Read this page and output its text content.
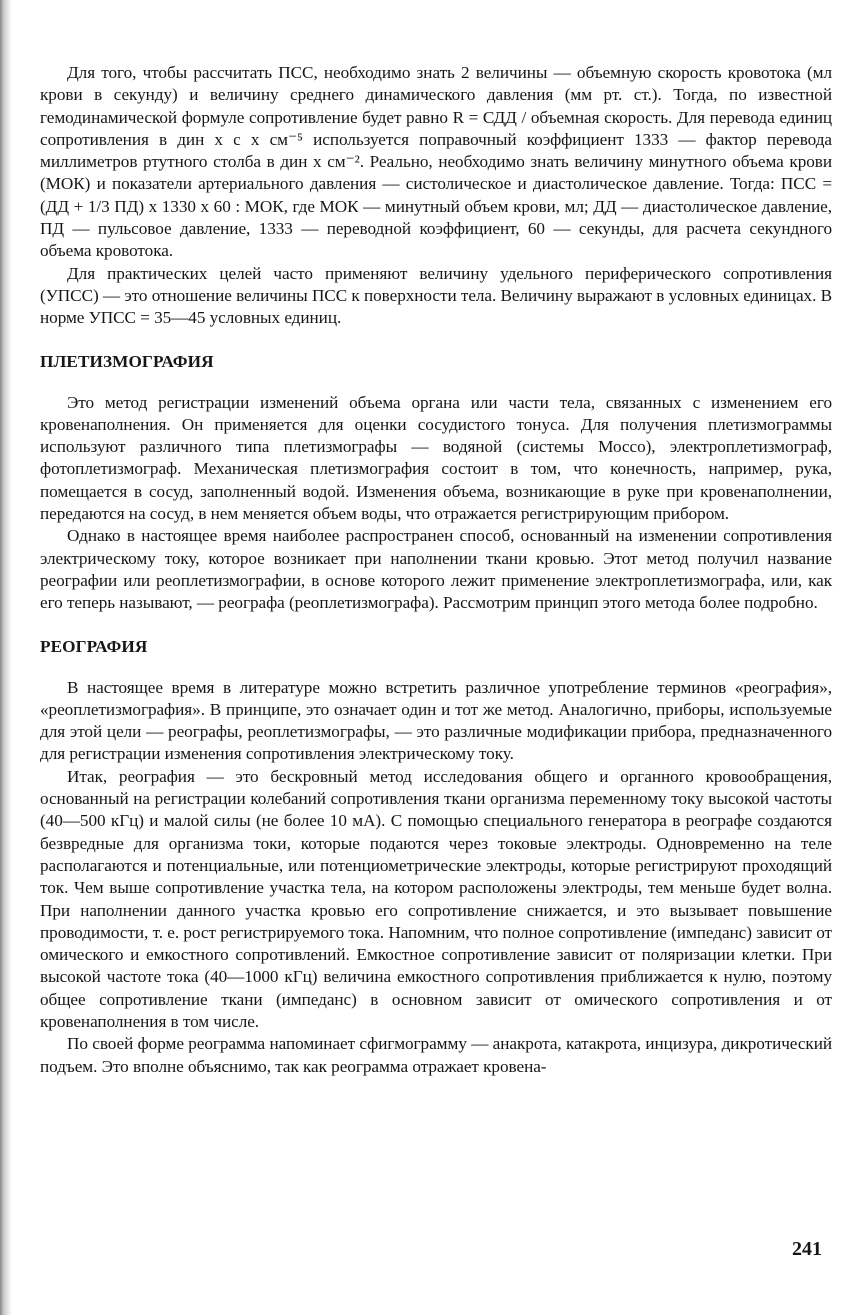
Для того, чтобы рассчитать ПСС, необходимо знать 2 величины — объемную скорость кровотока (мл крови в секунду) и величину среднего динамического давления (мм рт. ст.). Тогда, по известной гемодинамической формуле сопротивление будет равно R = СДД / объемная скорость. Для перевода единиц сопротивления в дин х с х см⁻⁵ используется поправочный коэффициент 1333 — фактор перевода миллиметров ртутного столба в дин х см⁻². Реально, необходимо знать величину минутного объема крови (МОК) и показатели артериального давления — систолическое и диастолическое давление. Тогда: ПСС = (ДД + 1/3 ПД) х 1330 х 60 : МОК, где МОК — минутный объем крови, мл; ДД — диастолическое давление, ПД — пульсовое давление, 1333 — переводной коэффициент, 60 — секунды, для расчета секундного объема кровотока.

Для практических целей часто применяют величину удельного периферического сопротивления (УПСС) — это отношение величины ПСС к поверхности тела. Величину выражают в условных единицах. В норме УПСС = 35—45 условных единиц.

ПЛЕТИЗМОГРАФИЯ

Это метод регистрации изменений объема органа или части тела, связанных с изменением его кровенаполнения. Он применяется для оценки сосудистого тонуса. Для получения плетизмограммы используют различного типа плетизмографы — водяной (системы Моссо), электроплетизмограф, фотоплетизмограф. Механическая плетизмография состоит в том, что конечность, например, рука, помещается в сосуд, заполненный водой. Изменения объема, возникающие в руке при кровенаполнении, передаются на сосуд, в нем меняется объем воды, что отражается регистрирующим прибором.

Однако в настоящее время наиболее распространен способ, основанный на изменении сопротивления электрическому току, которое возникает при наполнении ткани кровью. Этот метод получил название реографии или реоплетизмографии, в основе которого лежит применение электроплетизмографа, или, как его теперь называют, — реографа (реоплетизмографа). Рассмотрим принцип этого метода более подробно.

РЕОГРАФИЯ

В настоящее время в литературе можно встретить различное употребление терминов «реография», «реоплетизмография». В принципе, это означает один и тот же метод. Аналогично, приборы, используемые для этой цели — реографы, реоплетизмографы, — это различные модификации прибора, предназначенного для регистрации изменения сопротивления электрическому току.

Итак, реография — это бескровный метод исследования общего и органного кровообращения, основанный на регистрации колебаний сопротивления ткани организма переменному току высокой частоты (40—500 кГц) и малой силы (не более 10 мА). С помощью специального генератора в реографе создаются безвредные для организма токи, которые подаются через токовые электроды. Одновременно на теле располагаются и потенциальные, или потенциометрические электроды, которые регистрируют проходящий ток. Чем выше сопротивление участка тела, на котором расположены электроды, тем меньше будет волна. При наполнении данного участка кровью его сопротивление снижается, и это вызывает повышение проводимости, т. е. рост регистрируемого тока. Напомним, что полное сопротивление (импеданс) зависит от омического и емкостного сопротивлений. Емкостное сопротивление зависит от поляризации клетки. При высокой частоте тока (40—1000 кГц) величина емкостного сопротивления приближается к нулю, поэтому общее сопротивление ткани (импеданс) в основном зависит от омического сопротивления и от кровенаполнения в том числе.

По своей форме реограмма напоминает сфигмограмму — анакрота, катакрота, инцизура, дикротический подъем. Это вполне объяснимо, так как реограмма отражает кровена-

241
